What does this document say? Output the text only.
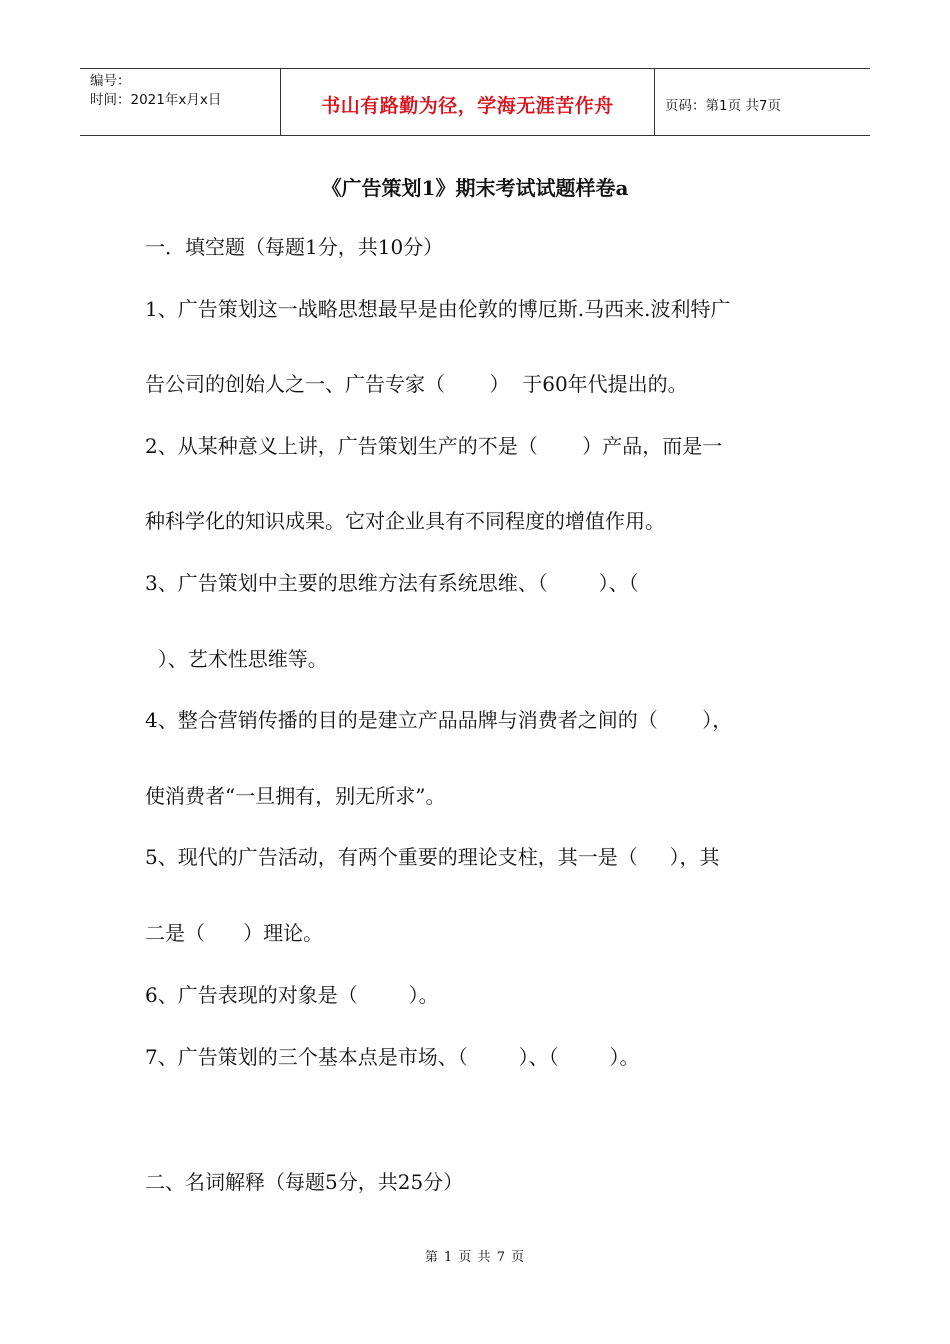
编号：
时间：2021年x月x日	书山有路勤为径，学海无涯苦作舟	页码：第1页 共7页
《广告策划1》期末考试试题样卷a
一．填空题（每题1分，共10分）
1、广告策划这一战略思想最早是由伦敦的博厄斯.马西来.波利特广
告公司的创始人之一、广告专家（       ）  于60年代提出的。
2、从某种意义上讲，广告策划生产的不是（       ）产品，而是一
种科学化的知识成果。它对企业具有不同程度的增值作用。
3、广告策划中主要的思维方法有系统思维、（        ）、（
）、艺术性思维等。
4、整合营销传播的目的是建立产品品牌与消费者之间的（       ），
使消费者“一旦拥有，别无所求”。
5、现代的广告活动，有两个重要的理论支柱，其一是（     ），其
二是（      ）理论。
6、广告表现的对象是（        ）。
7、广告策划的三个基本点是市场、（        ）、（        ）。
二、名词解释（每题5分，共25分）
第 1 页 共 7 页
